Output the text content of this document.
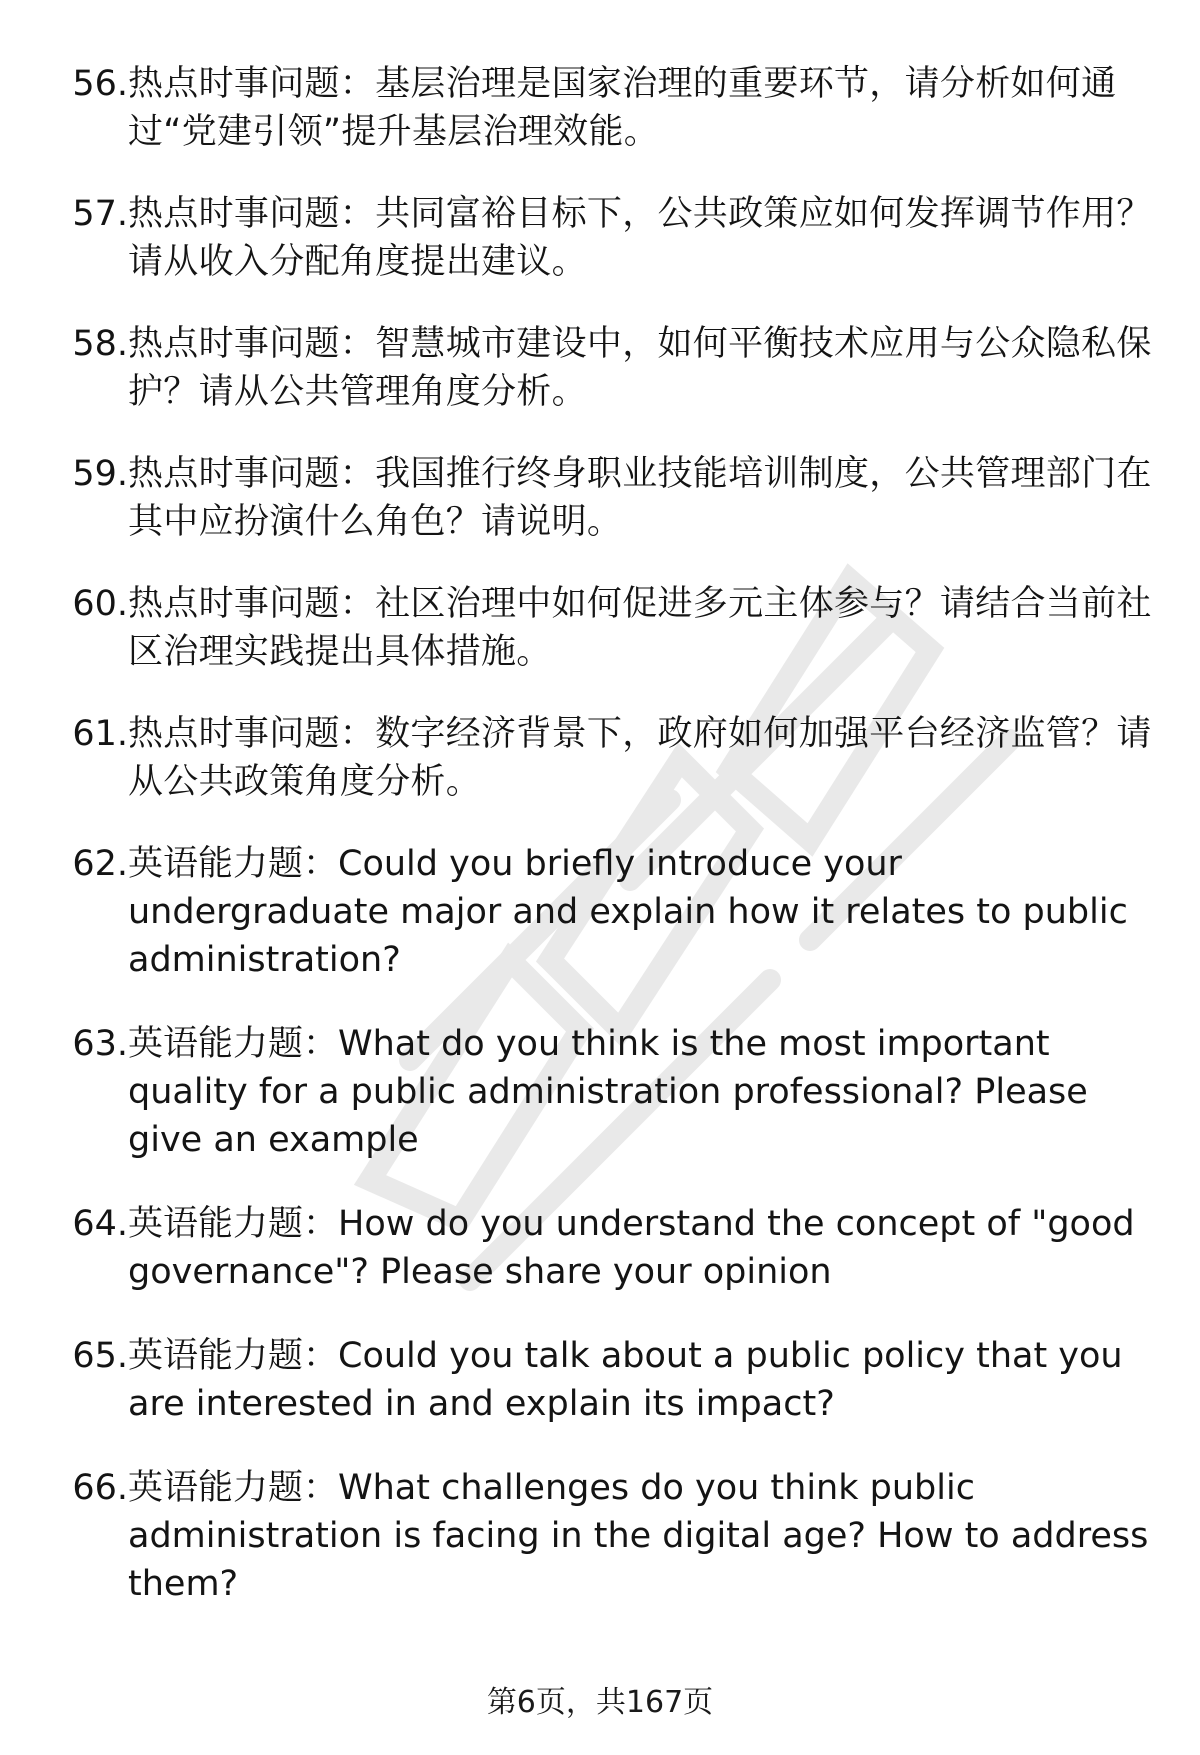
56. 热点时事问题：基层治理是国家治理的重要环节，请分析如何通过“党建引领”提升基层治理效能。
57. 热点时事问题：共同富裕目标下，公共政策应如何发挥调节作用？请从收入分配角度提出建议。
58. 热点时事问题：智慧城市建设中，如何平衡技术应用与公众隐私保护？请从公共管理角度分析。
59. 热点时事问题：我国推行终身职业技能培训制度，公共管理部门在其中应扮演什么角色？请说明。
60. 热点时事问题：社区治理中如何促进多元主体参与？请结合当前社区治理实践提出具体措施。
61. 热点时事问题：数字经济背景下，政府如何加强平台经济监管？请从公共政策角度分析。
62. 英语能力题：Could you briefly introduce your undergraduate major and explain how it relates to public administration?
63. 英语能力题：What do you think is the most important quality for a public administration professional? Please give an example
64. 英语能力题：How do you understand the concept of "good governance"? Please share your opinion
65. 英语能力题：Could you talk about a public policy that you are interested in and explain its impact?
66. 英语能力题：What challenges do you think public administration is facing in the digital age? How to address them?
第6页，共167页
